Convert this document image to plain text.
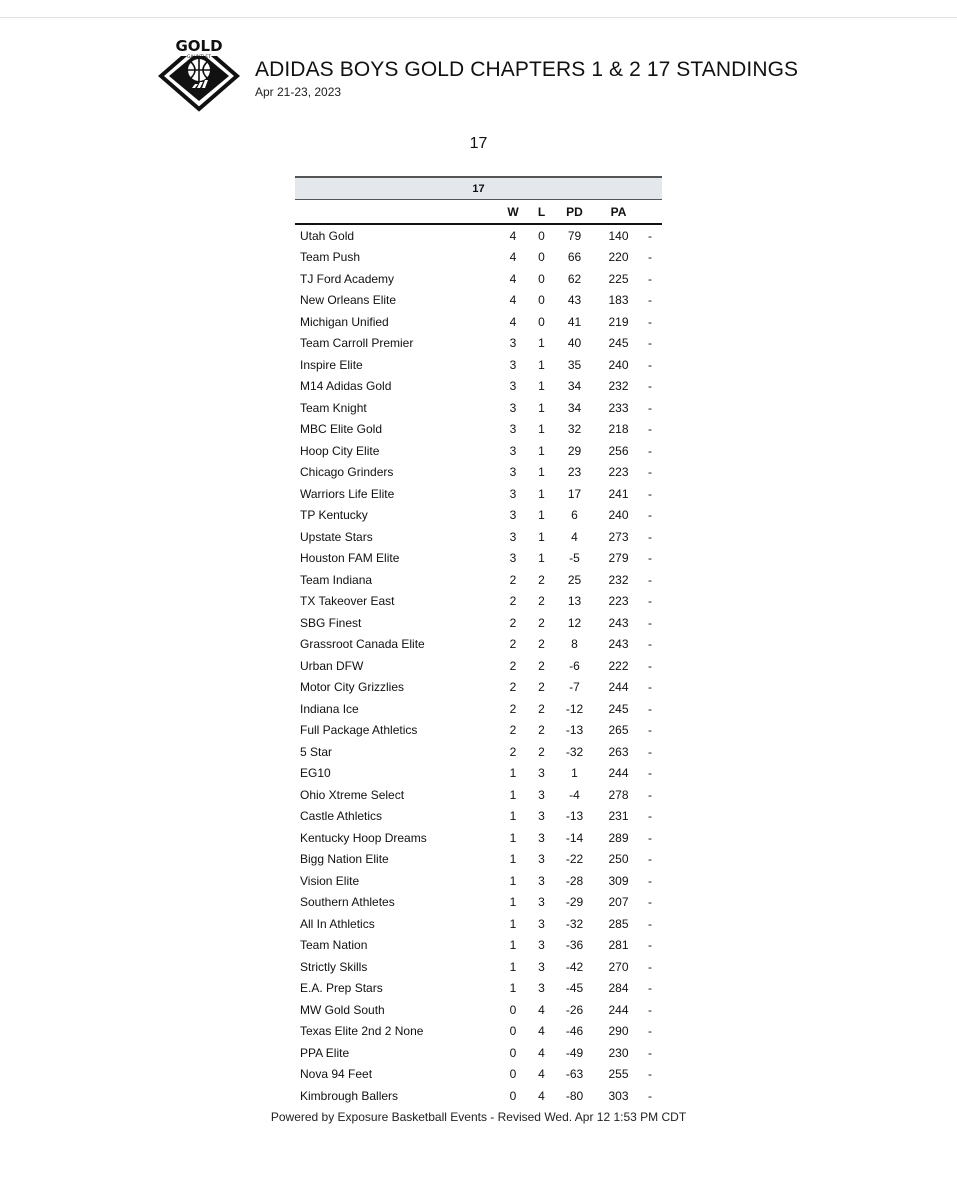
GOLD
GAUNTLET
ADIDAS BOYS GOLD CHAPTERS 1 & 2 17 STANDINGS
Apr 21-23, 2023
17
17					
	W	L	PD	PA	
Utah Gold	4	0	79	140	-
Team Push	4	0	66	220	-
TJ Ford Academy	4	0	62	225	-
New Orleans Elite	4	0	43	183	-
Michigan Unified	4	0	41	219	-
Team Carroll Premier	3	1	40	245	-
Inspire Elite	3	1	35	240	-
M14 Adidas Gold	3	1	34	232	-
Team Knight	3	1	34	233	-
MBC Elite Gold	3	1	32	218	-
Hoop City Elite	3	1	29	256	-
Chicago Grinders	3	1	23	223	-
Warriors Life Elite	3	1	17	241	-
TP Kentucky	3	1	6	240	-
Upstate Stars	3	1	4	273	-
Houston FAM Elite	3	1	-5	279	-
Team Indiana	2	2	25	232	-
TX Takeover East	2	2	13	223	-
SBG Finest	2	2	12	243	-
Grassroot Canada Elite	2	2	8	243	-
Urban DFW	2	2	-6	222	-
Motor City Grizzlies	2	2	-7	244	-
Indiana Ice	2	2	-12	245	-
Full Package Athletics	2	2	-13	265	-
5 Star	2	2	-32	263	-
EG10	1	3	1	244	-
Ohio Xtreme Select	1	3	-4	278	-
Castle Athletics	1	3	-13	231	-
Kentucky Hoop Dreams	1	3	-14	289	-
Bigg Nation Elite	1	3	-22	250	-
Vision Elite	1	3	-28	309	-
Southern Athletes	1	3	-29	207	-
All In Athletics	1	3	-32	285	-
Team Nation	1	3	-36	281	-
Strictly Skills	1	3	-42	270	-
E.A. Prep Stars	1	3	-45	284	-
MW Gold South	0	4	-26	244	-
Texas Elite 2nd 2 None	0	4	-46	290	-
PPA Elite	0	4	-49	230	-
Nova 94 Feet	0	4	-63	255	-
Kimbrough Ballers	0	4	-80	303	-
Powered by Exposure Basketball Events - Revised Wed. Apr 12 1:53 PM CDT
